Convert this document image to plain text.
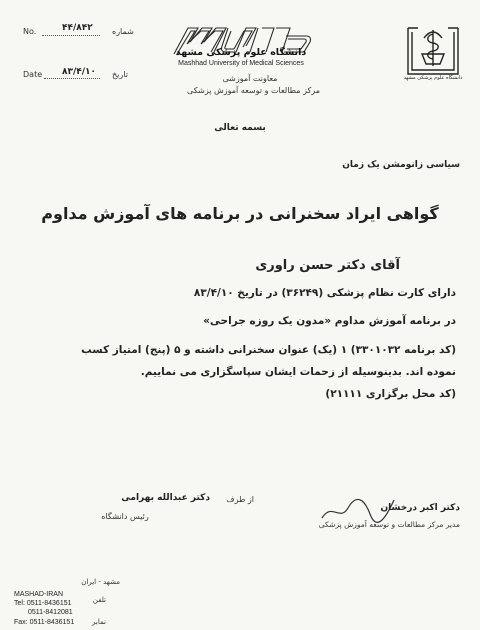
No.	۴۴/۸۴۲ شماره
Date ۸۳/۴/۱۰ تاریخ
Mashhad University of Medical Sciences
دانشگاه علوم پزشکی مشهد
معاونت آموزشی
مرکز مطالعات و توسعه آموزش پزشکی
دانشگاه علوم پزشکی مشهد
بسمه تعالی
سیاسی زانومشن یک زمان
گواهی ایراد سخنرانی در برنامه های آموزش مداوم
آقای دکتر حسن راوری
دارای کارت نظام پزشکی (۳۶۲۴۹) در تاریخ ۸۳/۴/۱۰
در برنامه آموزش مداوم «مدون یک روزه جراحی»
(کد برنامه ۳۳۰۱۰۳۲) ۱ (یک) عنوان سخنرانی داشته و ۵ (پنج) امتیاز کسب
نموده اند. بدینوسیله از زحمات ایشان سپاسگزاری می نماییم.
(کد محل برگزاری ۲۱۱۱۱)
دکتر عبدالله بهرامی	از طرف
رئیس دانشگاه
دکتر اکبر درخشان
مدیر مرکز مطالعات و توسعه آموزش پزشکی
MASHAD-IRAN
مشهد - ایران
Tel: 0511-8436151
0511-8412081
تلفن
Fax: 0511-8436151	نمابر
